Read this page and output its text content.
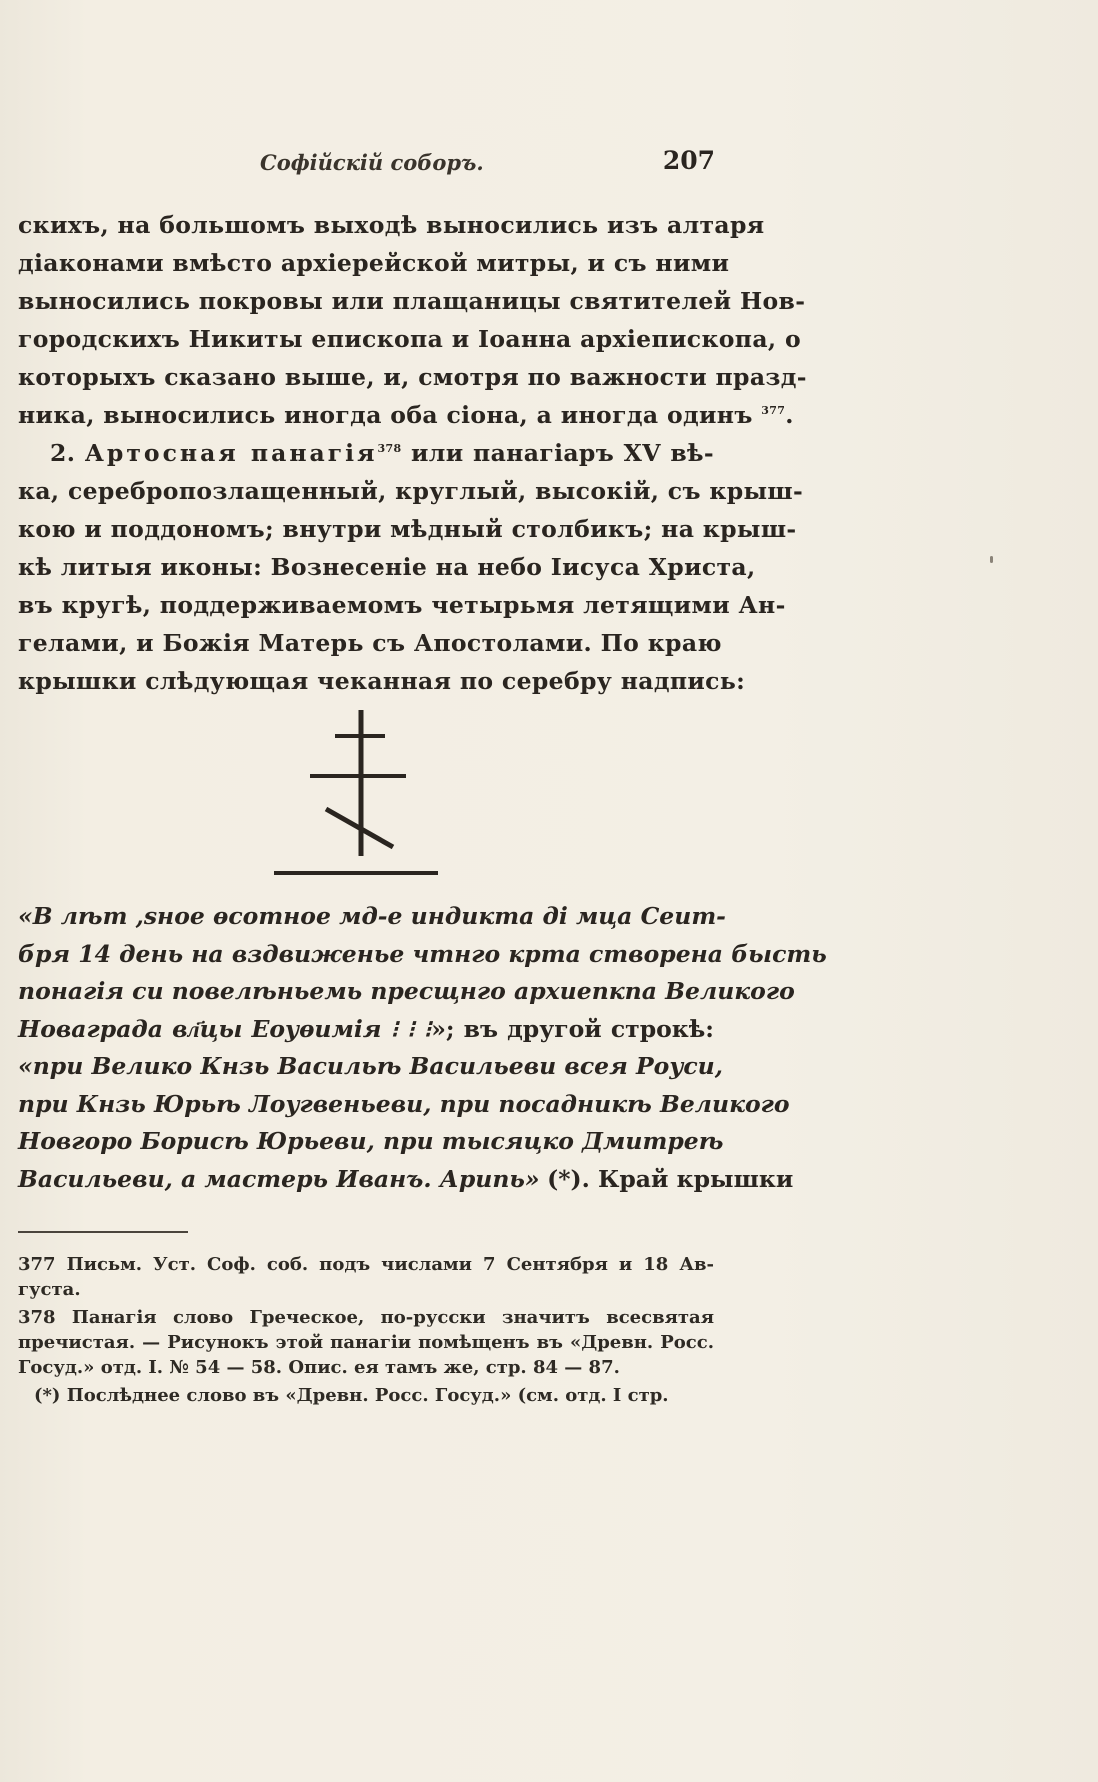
Софійскій соборъ.	207
скихъ, на большомъ выходѣ выносились изъ алтаря
діаконами вмѣсто архіерейской митры, и съ ними
выносились покровы или плащаницы святителей Нов-
городскихъ Никиты епископа и Іоанна архіепископа, о
которыхъ сказано выше, и, смотря по важности празд-
ника, выносились иногда оба сіона, а иногда одинъ $^{377}$.
2. Артосная панагія$^{378}$ или панагіаръ XV вѣ-
ка, серебропозлащенный, круглый, высокій, съ крыш-
кою и поддономъ; внутри мѣдный столбикъ; на крыш-
кѣ литыя иконы: Вознесеніе на небо Іисуса Христа,
въ кругѣ, поддерживаемомъ четырьмя летящими Ан-
гелами, и Божія Матерь съ Апостолами. По краю
крышки слѣдующая чеканная по серебру надпись:
«В лѣт ,ѕнoe ѳсотное мд-е индикта ді мца Сеит-
бря 14 день на вздвиженье чтнго крта створена бысть
понагія си повелѣньемь пресщнго архиепкпа Великого
Новаграда вл҃цы Еоуѳимія ⁝ ⁝ ⁝»; въ другой строкѣ:
«при Велико Кнзь Васильѣ Васильеви всея Роуси,
при Кнзь Юрьѣ Лоугвеньеви, при посадникѣ Великого
Новгоро Борисѣ Юрьеви, при тысяцко Дмитреѣ
Васильеви, а мастерь Иванъ. Арипь» (*). Край крышки
377 Письм. Уст. Соф. соб. подъ числами 7 Сентября и 18 Ав-
густа.
378 Панагія слово Греческое, по-русски значитъ всесвятая
пречистая. — Рисунокъ этой панагіи помѣщенъ въ «Древн. Росс.
Госуд.» отд. I. № 54 — 58. Опис. ея тамъ же, стр. 84 — 87.
(*) Послѣднее слово въ «Древн. Росс. Госуд.» (см. отд. I стр.
